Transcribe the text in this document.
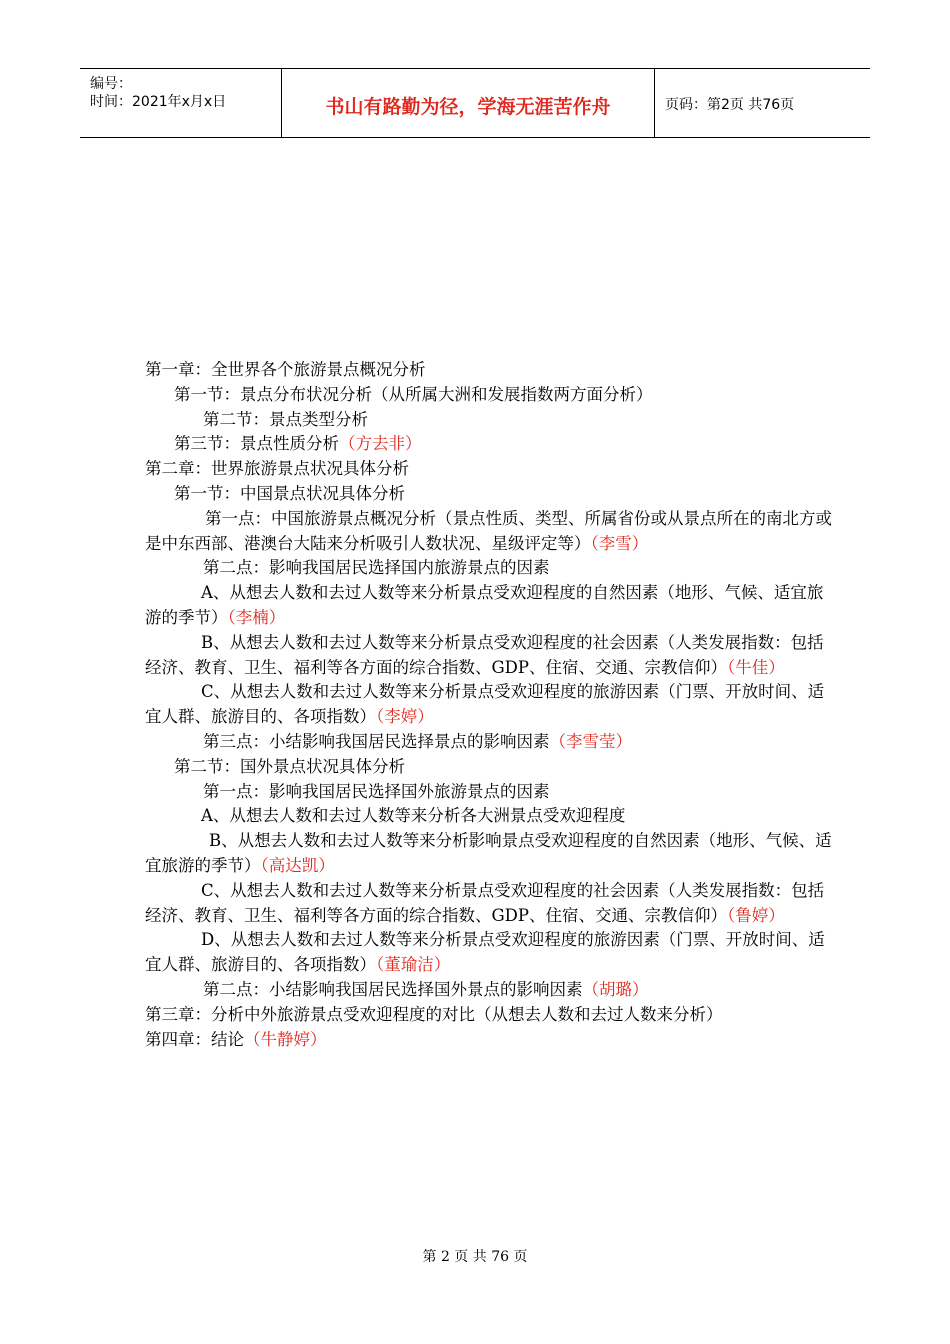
编号：
时间：2021年x月x日	书山有路勤为径，学海无涯苦作舟	页码：第2页 共76页
第一章：全世界各个旅游景点概况分析
第一节：景点分布状况分析（从所属大洲和发展指数两方面分析）
第二节：景点类型分析
第三节：景点性质分析（方去非）
第二章：世界旅游景点状况具体分析
第一节：中国景点状况具体分析
第一点：中国旅游景点概况分析（景点性质、类型、所属省份或从景点所在的南北方或是中东西部、港澳台大陆来分析吸引人数状况、星级评定等）（李雪）
第二点：影响我国居民选择国内旅游景点的因素
A、从想去人数和去过人数等来分析景点受欢迎程度的自然因素（地形、气候、适宜旅游的季节）（李楠）
B、从想去人数和去过人数等来分析景点受欢迎程度的社会因素（人类发展指数：包括经济、教育、卫生、福利等各方面的综合指数、GDP、住宿、交通、宗教信仰）（牛佳）
C、从想去人数和去过人数等来分析景点受欢迎程度的旅游因素（门票、开放时间、适宜人群、旅游目的、各项指数）（李婷）
第三点：小结影响我国居民选择景点的影响因素（李雪莹）
第二节：国外景点状况具体分析
第一点：影响我国居民选择国外旅游景点的因素
A、从想去人数和去过人数等来分析各大洲景点受欢迎程度
B、从想去人数和去过人数等来分析影响景点受欢迎程度的自然因素（地形、气候、适宜旅游的季节）（高达凯）
C、从想去人数和去过人数等来分析景点受欢迎程度的社会因素（人类发展指数：包括经济、教育、卫生、福利等各方面的综合指数、GDP、住宿、交通、宗教信仰）（鲁婷）
D、从想去人数和去过人数等来分析景点受欢迎程度的旅游因素（门票、开放时间、适宜人群、旅游目的、各项指数）（董瑜洁）
第二点：小结影响我国居民选择国外景点的影响因素（胡璐）
第三章：分析中外旅游景点受欢迎程度的对比（从想去人数和去过人数来分析）
第四章：结论（牛静婷）
第 2 页 共 76 页
